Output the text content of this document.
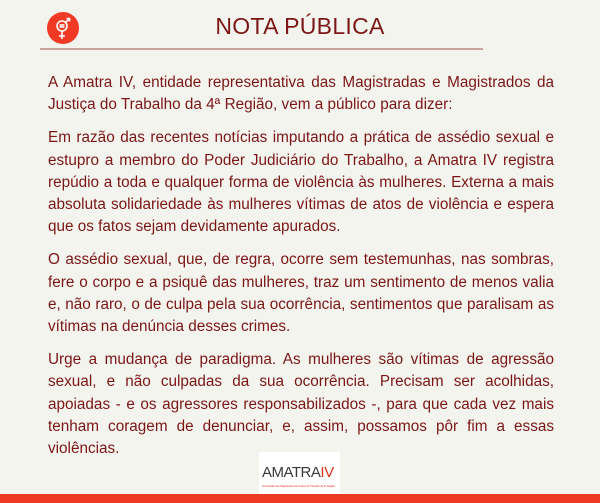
NOTA PÚBLICA

A Amatra IV, entidade representativa das Magistradas e Magistrados da Justiça do Trabalho da 4ª Região, vem a público para dizer:

Em razão das recentes notícias imputando a prática de assédio sexual e estupro a membro do Poder Judiciário do Trabalho, a Amatra IV registra repúdio a toda e qualquer forma de violência às mulheres. Externa a mais absoluta solidariedade às mulheres vítimas de atos de violência e espera que os fatos sejam devidamente apurados.

O assédio sexual, que, de regra, ocorre sem testemunhas, nas sombras, fere o corpo e a psiquê das mulheres, traz um sentimento de menos valia e, não raro, o de culpa pela sua ocorrência, sentimentos que paralisam as vítimas na denúncia desses crimes.

Urge a mudança de paradigma. As mulheres são vítimas de agressão sexual, e não culpadas da sua ocorrência. Precisam ser acolhidas, apoiadas - e os agressores responsabilizados -, para que cada vez mais tenham coragem de denunciar, e, assim, possamos pôr fim a essas violências.

AMATRAIV
Associação dos Magistrados da Justiça do Trabalho da 4ª Região
